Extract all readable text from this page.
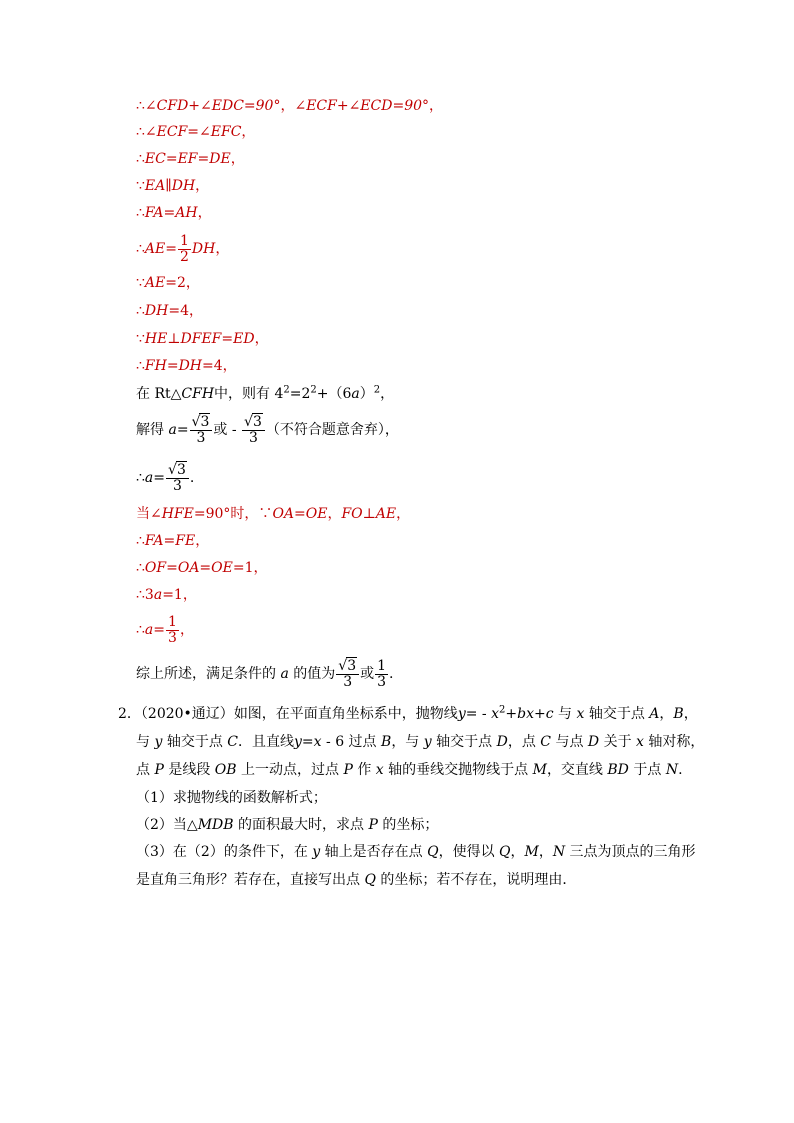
∴∠CFD+∠EDC=90°，∠ECF+∠ECD=90°，
∴∠ECF=∠EFC，
∴EC=EF=DE，
∵EA∥DH，
∴FA=AH，
∴AE= $\frac{1}{2}$ DH，
∵AE=2，
∴DH=4，
∵HE⊥DFEF=ED，
∴FH=DH=4，
在 Rt△CFH中，则有 $4^2=2^2+(6a)^2$，
解得 $a= \frac{√3}{3}$ 或 - $\frac{√3}{3}$ （不符合题意舍弃），
∴a= $\frac{√3}{3}$ .
当∠HFE=90°时，∵OA=OE，FO⊥AE，
∴FA=FE，
∴OF=OA=OE=1，
∴3a=1，
∴a= $\frac{1}{3}$ ，
综上所述，满足条件的 a 的值为 $\frac{√3}{3}$ 或 $\frac{1}{3}$ .
2．（2020•通辽）如图，在平面直角坐标系中，抛物线$y= - x^2+bx+c$ 与 x 轴交于点 A，B，
与 y 轴交于点 C．且直线y=x - 6 过点 B，与 y 轴交于点 D，点 C 与点 D 关于 x 轴对称，
点 P 是线段 OB 上一动点，过点 P 作 x 轴的垂线交抛物线于点 M，交直线 BD 于点 N.
（1）求抛物线的函数解析式；
（2）当△MDB 的面积最大时，求点 P 的坐标；
（3）在（2）的条件下，在 y 轴上是否存在点 Q，使得以 Q，M，N 三点为顶点的三角形
是直角三角形？若存在，直接写出点 Q 的坐标；若不存在，说明理由．
